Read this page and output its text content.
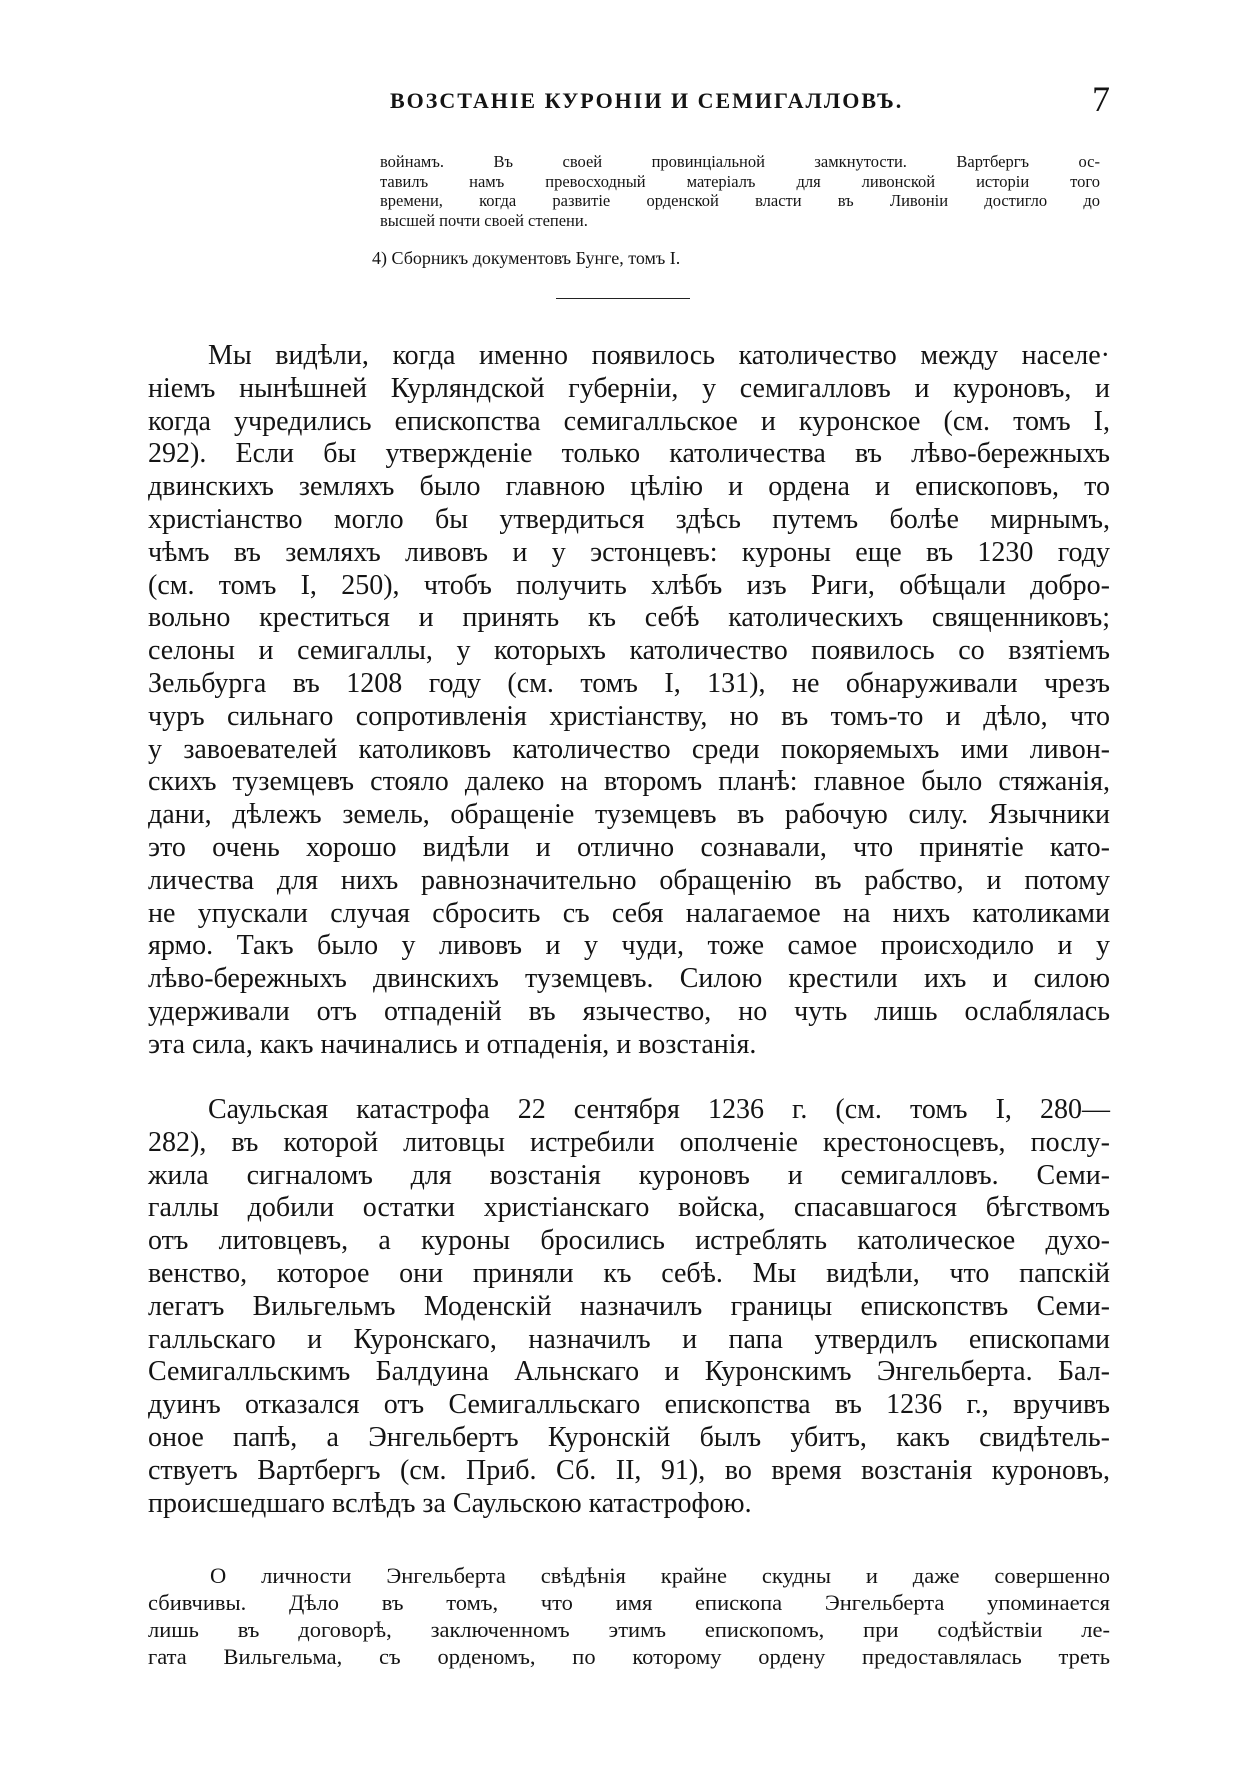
ВОЗСТАНІЕ КУРОНІИ И СЕМИГАЛЛОВЪ.	7
войнамъ. Въ своей провинціальной замкнутости. Вартбергъ ос-
тавилъ намъ превосходный матеріалъ для ливонской исторіи того
времени, когда развитіе орденской власти въ Ливоніи достигло до
высшей почти своей степени.
4) Сборникъ документовъ Бунге, томъ I.
Мы видѣли, когда именно появилось католичество между населе·
ніемъ нынѣшней Курляндской губерніи, у семигалловъ и куроновъ, и
когда учредились епископства семигалльское и куронское (см. томъ I,
292). Если бы утвержденіе только католичества въ лѣво-бережныхъ
двинскихъ земляхъ было главною цѣлію и ордена и епископовъ, то
христіанство могло бы утвердиться здѣсь путемъ болѣе мирнымъ,
чѣмъ въ земляхъ ливовъ и у эстонцевъ: куроны еще въ 1230 году
(см. томъ I, 250), чтобъ получить хлѣбъ изъ Риги, обѣщали добро-
вольно креститься и принять къ себѣ католическихъ священниковъ;
селоны и семигаллы, у которыхъ католичество появилось со взятіемъ
Зельбурга въ 1208 году (см. томъ I, 131), не обнаруживали чрезъ
чуръ сильнаго сопротивленія христіанству, но въ томъ-то и дѣло, что
у завоевателей католиковъ католичество среди покоряемыхъ ими ливон-
скихъ туземцевъ стояло далеко на второмъ планѣ: главное было стяжанія,
дани, дѣлежъ земель, обращеніе туземцевъ въ рабочую силу. Язычники
это очень хорошо видѣли и отлично сознавали, что принятіе като-
личества для нихъ равнозначительно обращенію въ рабство, и потому
не упускали случая сбросить съ себя налагаемое на нихъ католиками
ярмо. Такъ было у ливовъ и у чуди, тоже самое происходило и у
лѣво-бережныхъ двинскихъ туземцевъ. Силою крестили ихъ и силою
удерживали отъ отпаденій въ язычество, но чуть лишь ослаблялась
эта сила, какъ начинались и отпаденія, и возстанія.
Саульская катастрофа 22 сентября 1236 г. (см. томъ I, 280—
282), въ которой литовцы истребили ополченіе крестоносцевъ, послу-
жила сигналомъ для возстанія куроновъ и семигалловъ. Семи-
галлы добили остатки христіанскаго войска, спасавшагося бѣгствомъ
отъ литовцевъ, а куроны бросились истреблять католическое духо-
венство, которое они приняли къ себѣ. Мы видѣли, что папскій
легатъ Вильгельмъ Моденскій назначилъ границы епископствъ Семи-
галльскаго и Куронскаго, назначилъ и папа утвердилъ епископами
Семигалльскимъ Балдуина Альнскаго и Куронскимъ Энгельберта. Бал-
дуинъ отказался отъ Семигалльскаго епископства въ 1236 г., вручивъ
оное папѣ, а Энгельбертъ Куронскій былъ убитъ, какъ свидѣтель-
ствуетъ Вартбергъ (см. Приб. Сб. II, 91), во время возстанія куроновъ,
происшедшаго вслѣдъ за Саульскою катастрофою.
О личности Энгельберта свѣдѣнія крайне скудны и даже совершенно
сбивчивы. Дѣло въ томъ, что имя епископа Энгельберта упоминается
лишь въ договорѣ, заключенномъ этимъ епископомъ, при содѣйствіи ле-
гата Вильгельма, съ орденомъ, по которому ордену предоставлялась треть
